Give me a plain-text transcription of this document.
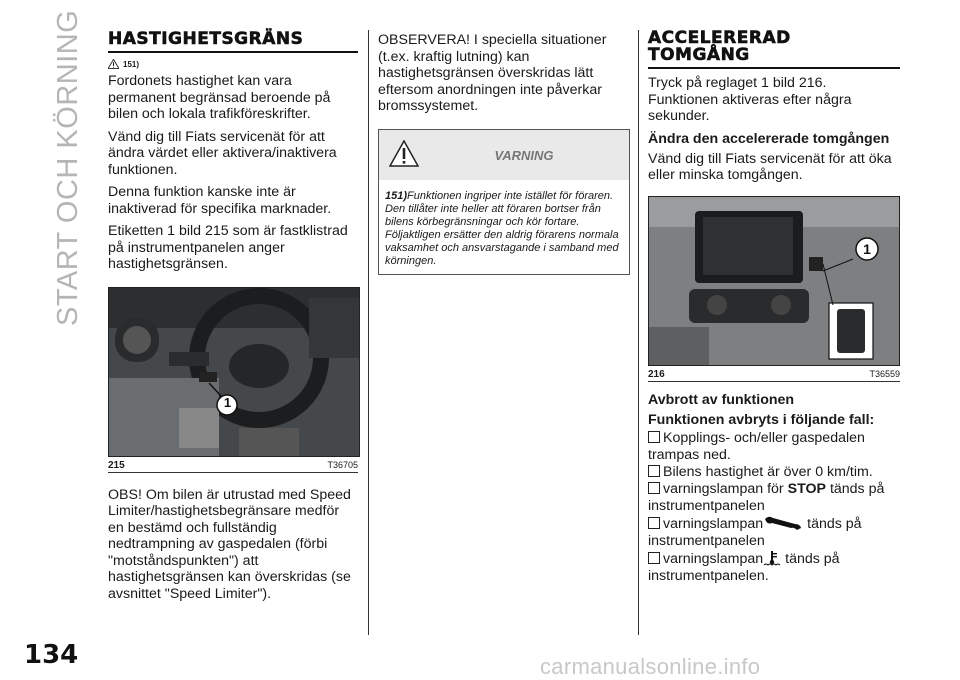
START OCH KÖRNING
134	carmanualsonline.info
HASTIGHETSGRÄNS
151)

Fordonets hastighet kan vara permanent begränsad beroende på bilen och lokala trafikföreskrifter.

Vänd dig till Fiats servicenät för att ändra värdet eller aktivera/inaktivera funktionen.

Denna funktion kanske inte är inaktiverad för specifika marknader.

Etiketten 1 bild 215 som är fastklistrad på instrumentpanelen anger hastighetsgränsen.

1
215	T36705

OBS! Om bilen är utrustad med Speed Limiter/hastighetsbegränsare medför en bestämd och fullständig nedtrampning av gaspedalen (förbi "motståndspunkten") att hastighetsgränsen kan överskridas (se avsnittet "Speed Limiter").

OBSERVERA! I speciella situationer (t.ex. kraftig lutning) kan hastighetsgränsen överskridas lätt eftersom anordningen inte påverkar bromssystemet.

VARNING
151)Funktionen ingriper inte istället för föraren. Den tillåter inte heller att föraren bortser från bilens körbegränsningar och kör fortare. Följaktligen ersätter den aldrig förarens normala vaksamhet och ansvarstagande i samband med körningen.
ACCELERERAD
TOMGÅNG

Tryck på reglaget 1 bild 216. Funktionen aktiveras efter några sekunder.

Ändra den accelererade tomgången

Vänd dig till Fiats servicenät för att öka eller minska tomgången.

1
216	T36559
Avbrott av funktionen
Funktionen avbryts i följande fall:

Kopplings- och/eller gaspedalen trampas ned.

Bilens hastighet är över 0 km/tim.

varningslampan för STOP tänds på instrumentpanelen

varningslampan	tänds på instrumentpanelen

varningslampan tänds på instrumentpanelen.
